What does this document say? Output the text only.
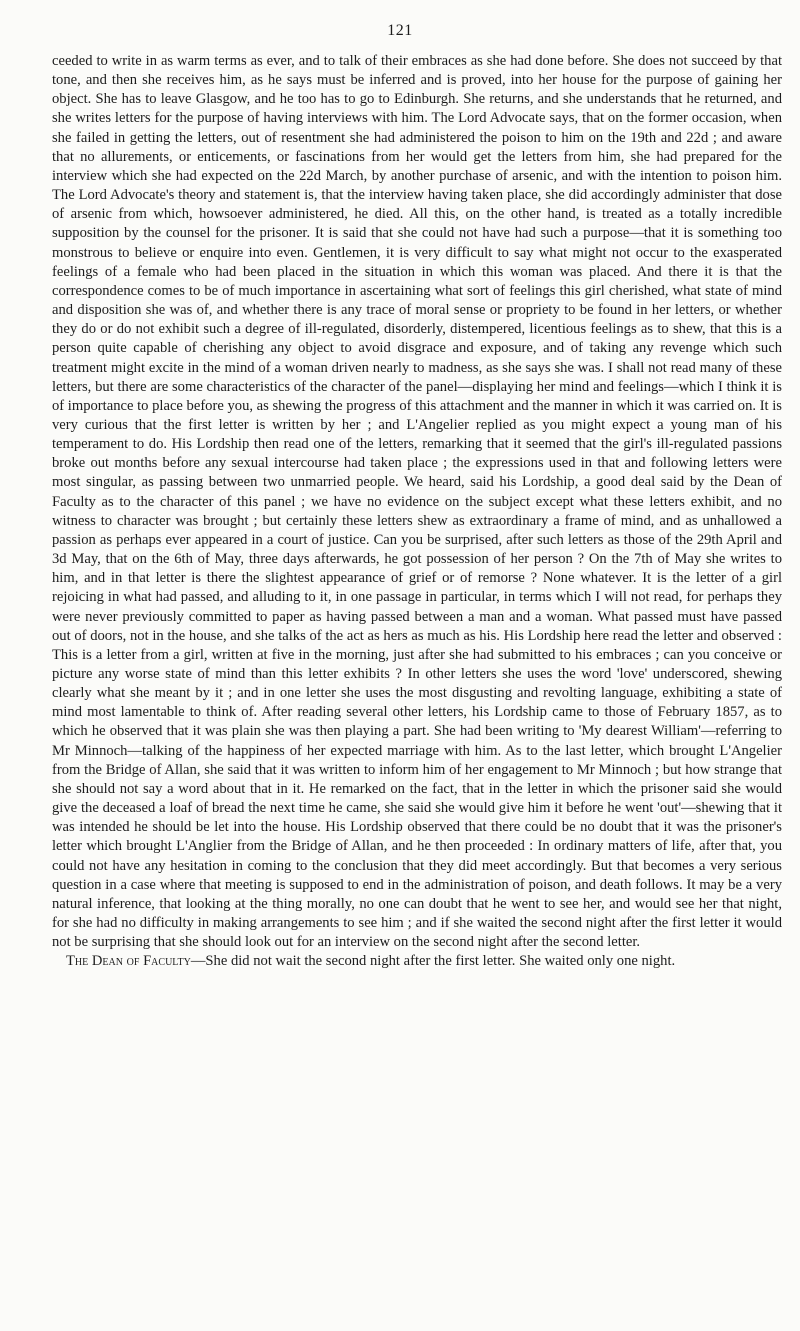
121

ceeded to write in as warm terms as ever, and to talk of their embraces as she had done before. She does not succeed by that tone, and then she receives him, as he says must be inferred and is proved, into her house for the purpose of gaining her object. She has to leave Glasgow, and he too has to go to Edinburgh. She returns, and she understands that he returned, and she writes letters for the purpose of having interviews with him. The Lord Advocate says, that on the former occasion, when she failed in getting the letters, out of resentment she had administered the poison to him on the 19th and 22d ; and aware that no allurements, or enticements, or fascinations from her would get the letters from him, she had prepared for the interview which she had expected on the 22d March, by another purchase of arsenic, and with the intention to poison him. The Lord Advocate's theory and statement is, that the interview having taken place, she did accordingly administer that dose of arsenic from which, howsoever administered, he died. All this, on the other hand, is treated as a totally incredible supposition by the counsel for the prisoner. It is said that she could not have had such a purpose—that it is something too monstrous to believe or enquire into even. Gentlemen, it is very difficult to say what might not occur to the exasperated feelings of a female who had been placed in the situation in which this woman was placed. And there it is that the correspondence comes to be of much importance in ascertaining what sort of feelings this girl cherished, what state of mind and disposition she was of, and whether there is any trace of moral sense or propriety to be found in her letters, or whether they do or do not exhibit such a degree of ill-regulated, disorderly, distempered, licentious feelings as to shew, that this is a person quite capable of cherishing any object to avoid disgrace and exposure, and of taking any revenge which such treatment might excite in the mind of a woman driven nearly to madness, as she says she was. I shall not read many of these letters, but there are some characteristics of the character of the panel—displaying her mind and feelings—which I think it is of importance to place before you, as shewing the progress of this attachment and the manner in which it was carried on. It is very curious that the first letter is written by her ; and L'Angelier replied as you might expect a young man of his temperament to do. His Lordship then read one of the letters, remarking that it seemed that the girl's ill-regulated passions broke out months before any sexual intercourse had taken place ; the expressions used in that and following letters were most singular, as passing between two unmarried people. We heard, said his Lordship, a good deal said by the Dean of Faculty as to the character of this panel ; we have no evidence on the subject except what these letters exhibit, and no witness to character was brought ; but certainly these letters shew as extraordinary a frame of mind, and as unhallowed a passion as perhaps ever appeared in a court of justice. Can you be surprised, after such letters as those of the 29th April and 3d May, that on the 6th of May, three days afterwards, he got possession of her person ? On the 7th of May she writes to him, and in that letter is there the slightest appearance of grief or of remorse ? None whatever. It is the letter of a girl rejoicing in what had passed, and alluding to it, in one passage in particular, in terms which I will not read, for perhaps they were never previously committed to paper as having passed between a man and a woman. What passed must have passed out of doors, not in the house, and she talks of the act as hers as much as his. His Lordship here read the letter and observed : This is a letter from a girl, written at five in the morning, just after she had submitted to his embraces ; can you conceive or picture any worse state of mind than this letter exhibits ? In other letters she uses the word 'love' underscored, shewing clearly what she meant by it ; and in one letter she uses the most disgusting and revolting language, exhibiting a state of mind most lamentable to think of. After reading several other letters, his Lordship came to those of February 1857, as to which he observed that it was plain she was then playing a part. She had been writing to 'My dearest William'—referring to Mr Minnoch—talking of the happiness of her expected marriage with him. As to the last letter, which brought L'Angelier from the Bridge of Allan, she said that it was written to inform him of her engagement to Mr Minnoch ; but how strange that she should not say a word about that in it. He remarked on the fact, that in the letter in which the prisoner said she would give the deceased a loaf of bread the next time he came, she said she would give him it before he went 'out'—shewing that it was intended he should be let into the house. His Lordship observed that there could be no doubt that it was the prisoner's letter which brought L'Anglier from the Bridge of Allan, and he then proceeded : In ordinary matters of life, after that, you could not have any hesitation in coming to the conclusion that they did meet accordingly. But that becomes a very serious question in a case where that meeting is supposed to end in the administration of poison, and death follows. It may be a very natural inference, that looking at the thing morally, no one can doubt that he went to see her, and would see her that night, for she had no difficulty in making arrangements to see him ; and if she waited the second night after the first letter it would not be surprising that she should look out for an interview on the second night after the second letter.

The Dean of Faculty—She did not wait the second night after the first letter. She waited only one night.
